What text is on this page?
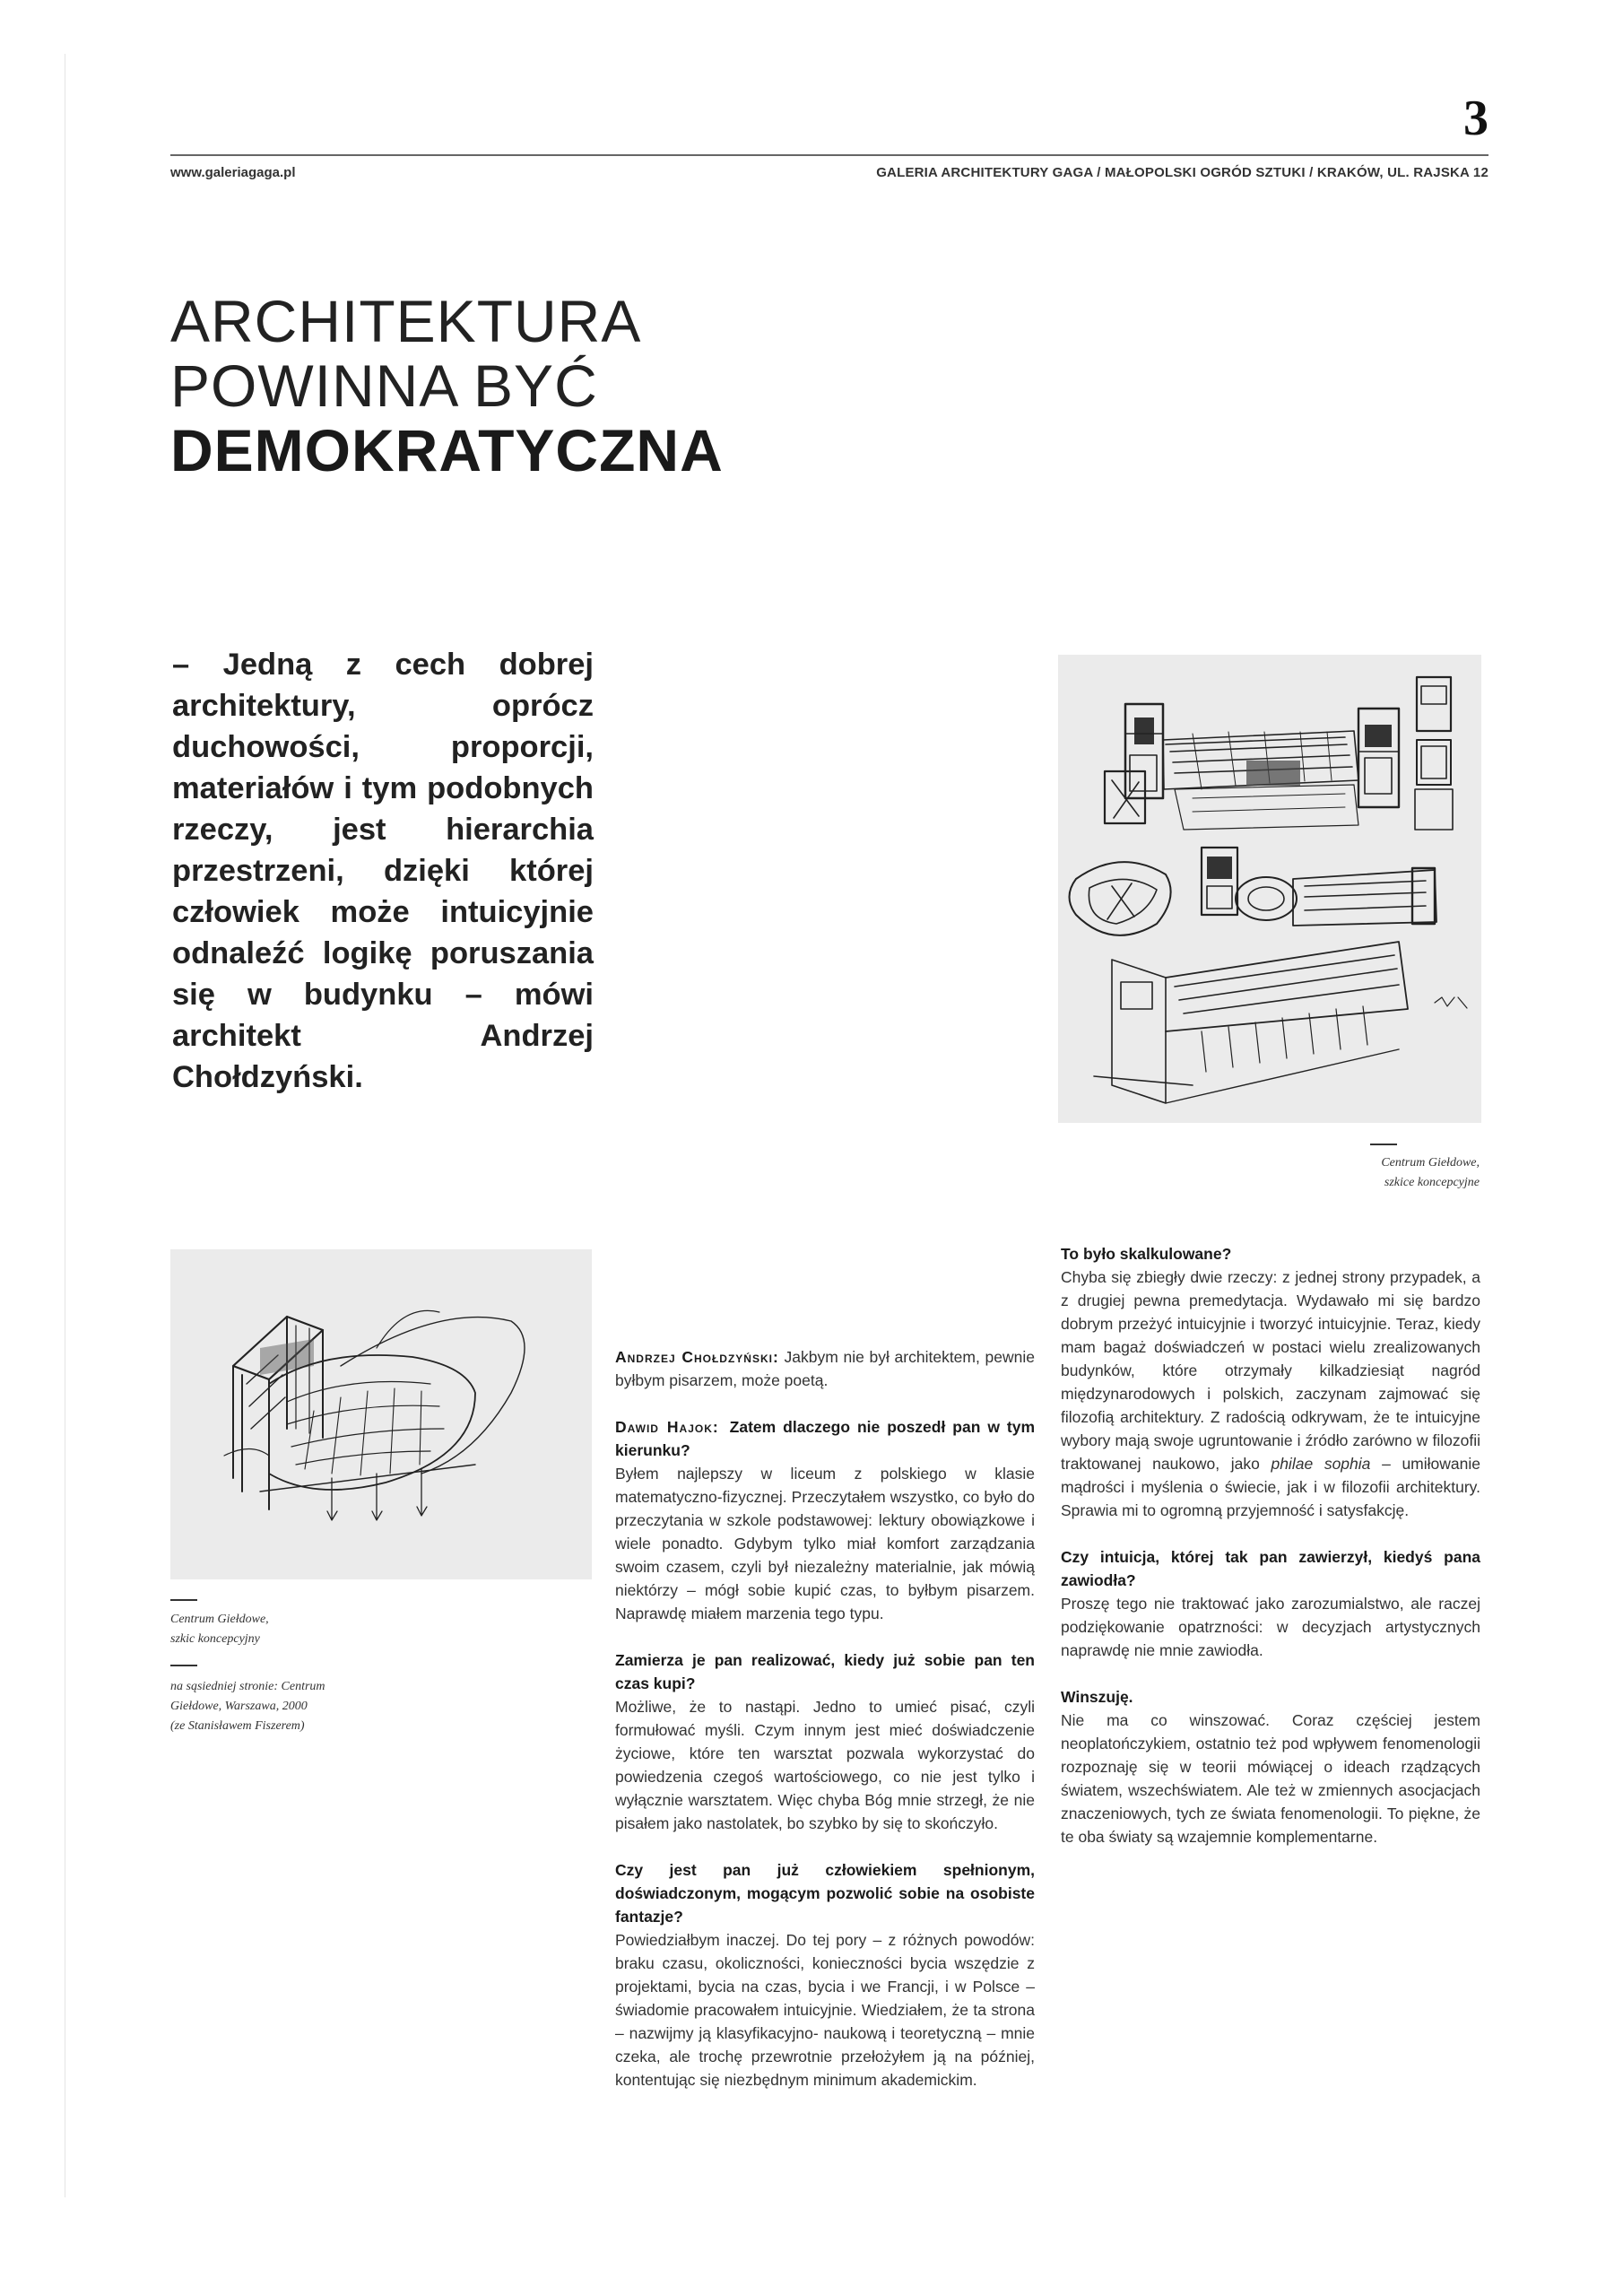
3
www.galeriagaga.pl	GALERIA ARCHITEKTURY GAGA / MAŁOPOLSKI OGRÓD SZTUKI / KRAKÓW, UL. RAJSKA 12
ARCHITEKTURA
POWINNA BYĆ
DEMOKRATYCZNA
– Jedną z cech dobrej architektury, oprócz duchowości, proporcji, materiałów i tym podobnych rzeczy, jest hierarchia przestrzeni, dzięki której człowiek może intuicyjnie odnaleźć logikę poruszania się w budynku – mówi architekt Andrzej Chołdzyński.
Centrum Giełdowe,
szkice koncepcyjne
Centrum Giełdowe,
szkic koncepcyjny
na sąsiedniej stronie: Centrum
Giełdowe, Warszawa, 2000
(ze Stanisławem Fiszerem)

Andrzej Chołdzyński: Jakbym nie był architektem, pewnie byłbym pisarzem, może poetą.

Dawid Hajok: Zatem dlaczego nie poszedł pan w tym kierunku?

Byłem najlepszy w liceum z polskiego w klasie matematyczno-fizycznej. Przeczytałem wszystko, co było do przeczytania w szkole podstawowej: lektury obowiązkowe i wiele ponadto. Gdybym tylko miał komfort zarządzania swoim czasem, czyli był niezależny materialnie, jak mówią niektórzy – mógł sobie kupić czas, to byłbym pisarzem. Naprawdę miałem marzenia tego typu.

Zamierza je pan realizować, kiedy już sobie pan ten czas kupi?

Możliwe, że to nastąpi. Jedno to umieć pisać, czyli formułować myśli. Czym innym jest mieć doświadczenie życiowe, które ten warsztat pozwala wykorzystać do powiedzenia czegoś wartościowego, co nie jest tylko i wyłącznie warsztatem. Więc chyba Bóg mnie strzegł, że nie pisałem jako nastolatek, bo szybko by się to skończyło.

Czy jest pan już człowiekiem spełnionym, doświadczonym, mogącym pozwolić sobie na osobiste fantazje?

Powiedziałbym inaczej. Do tej pory – z różnych powodów: braku czasu, okoliczności, konieczności bycia wszędzie z projektami, bycia na czas, bycia i we Francji, i w Polsce – świadomie pracowałem intuicyjnie. Wiedziałem, że ta strona – nazwijmy ją klasyfikacyjno- naukową i teoretyczną – mnie czeka, ale trochę przewrotnie przełożyłem ją na później, kontentując się niezbędnym minimum akademickim.

To było skalkulowane?

Chyba się zbiegły dwie rzeczy: z jednej strony przypadek, a z drugiej pewna premedytacja. Wydawało mi się bardzo dobrym przeżyć intuicyjnie i tworzyć intuicyjnie. Teraz, kiedy mam bagaż doświadczeń w postaci wielu zrealizowanych budynków, które otrzymały kilkadziesiąt nagród międzynarodowych i polskich, zaczynam zajmować się filozofią architektury. Z radością odkrywam, że te intuicyjne wybory mają swoje ugruntowanie i źródło zarówno w filozofii traktowanej naukowo, jako philae sophia – umiłowanie mądrości i myślenia o świecie, jak i w filozofii architektury. Sprawia mi to ogromną przyjemność i satysfakcję.

Czy intuicja, której tak pan zawierzył, kiedyś pana zawiodła?

Proszę tego nie traktować jako zarozumialstwo, ale raczej podziękowanie opatrzności: w decyzjach artystycznych naprawdę nie mnie zawiodła.

Winszuję.

Nie ma co winszować. Coraz częściej jestem neoplatończykiem, ostatnio też pod wpływem fenomenologii rozpoznaję się w teorii mówiącej o ideach rządzących światem, wszechświatem. Ale też w zmiennych asocjacjach znaczeniowych, tych ze świata fenomenologii. To piękne, że te oba światy są wzajemnie komplementarne.
